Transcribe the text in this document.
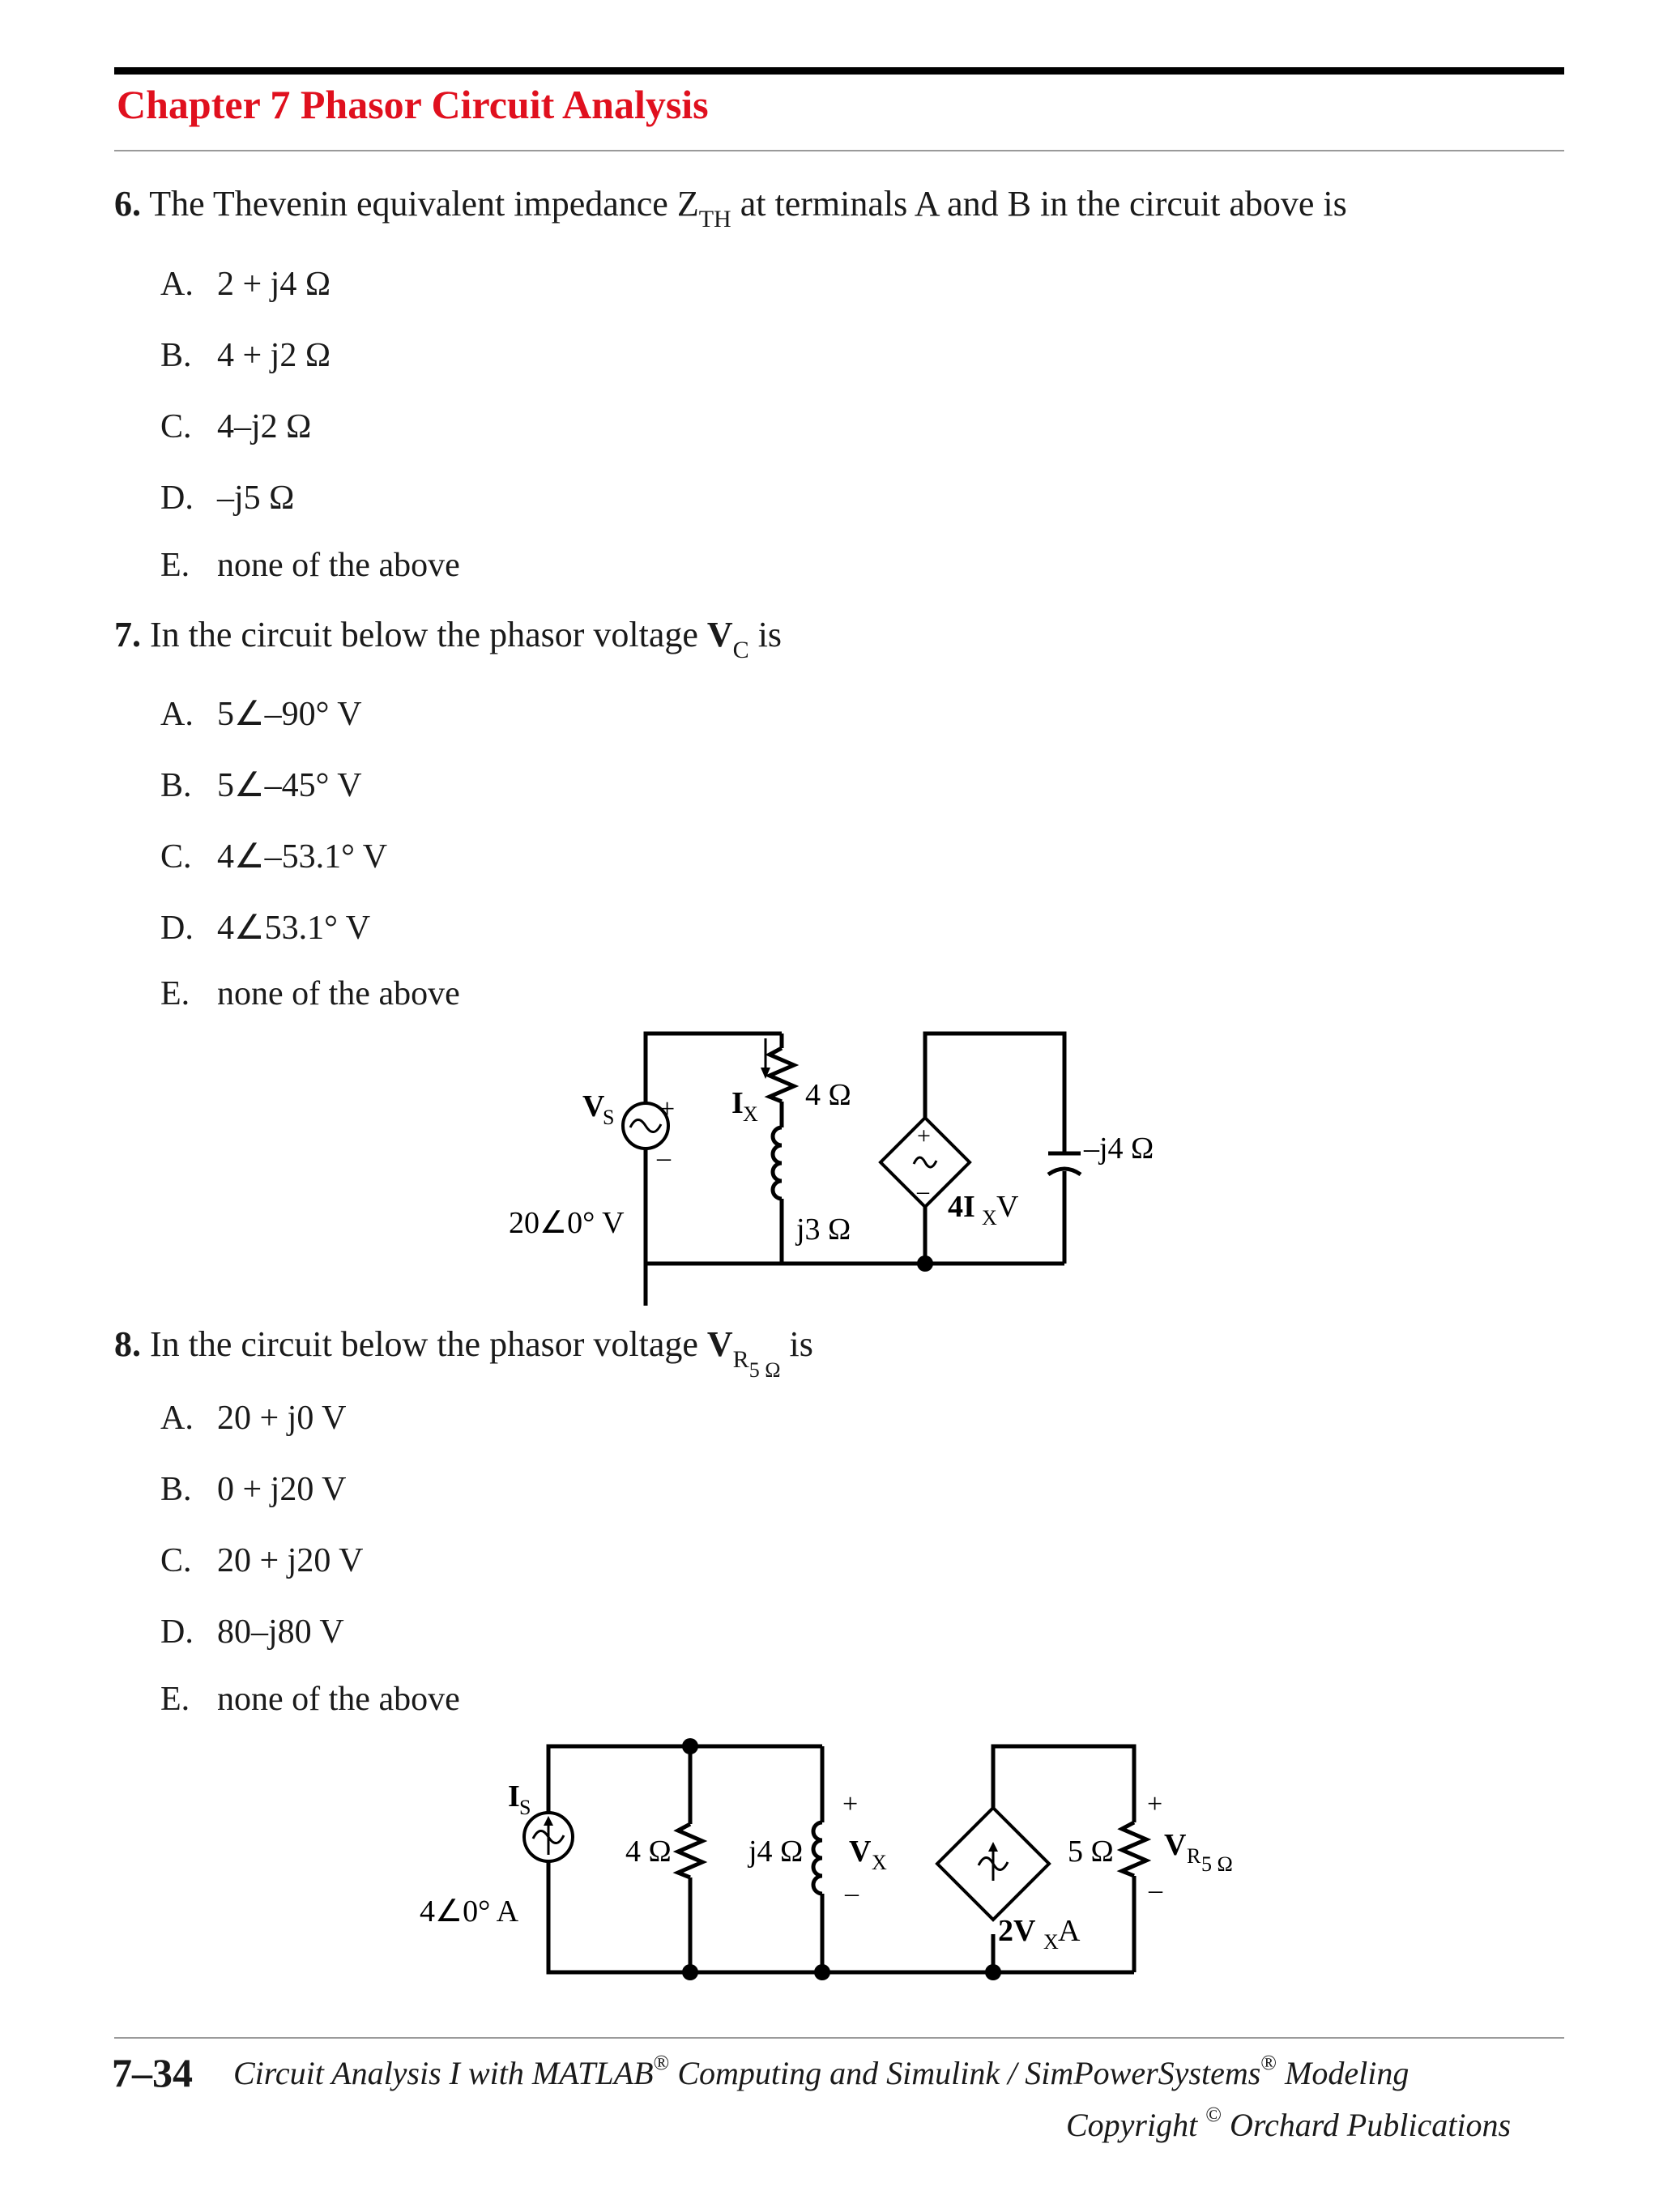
Chapter 7 Phasor Circuit Analysis
6. The Thevenin equivalent impedance $Z_{TH}$ at terminals A and B in the circuit above is
A. 2 + j4 Ω
B. 4 + j2 Ω
C. 4–j2 Ω
D. –j5 Ω
E. none of the above
7. In the circuit below the phasor voltage $V_C$ is
A. 5∠–90° V
B. 5∠–45° V
C. 4∠–53.1° V
D. 4∠53.1° V
E. none of the above
V
S +
–
20∠0° V
I X
4 Ω
j3 Ω
+
– 4I X V
–j4 Ω
8. In the circuit below the phasor voltage $V_{R5 \Omega}$ is
A. 20 + j0 V
B. 0 + j20 V
C. 20 + j20 V
D. 80–j80 V
E. none of the above
I S
4∠0° A
4 Ω	j4 Ω
+
V X
–
2V X A
5 Ω
+
V R 5 Ω
–
7–34 Circuit Analysis I with MATLAB® Computing and Simulink / SimPowerSystems® Modeling
Copyright © Orchard Publications
